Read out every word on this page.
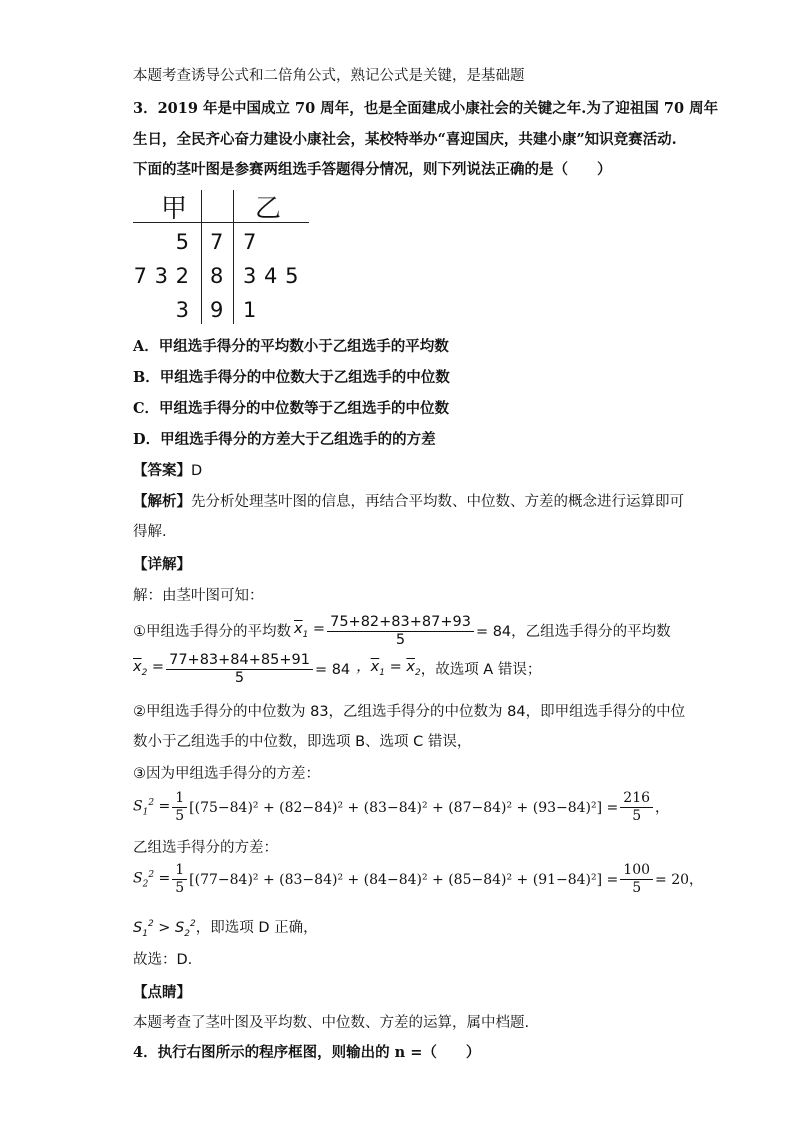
本题考查诱导公式和二倍角公式，熟记公式是关键，是基础题
3．2019 年是中国成立 70 周年，也是全面建成小康社会的关键之年.为了迎祖国 70 周年
生日，全民齐心奋力建设小康社会，某校特举办“喜迎国庆，共建小康”知识竞赛活动.
下面的茎叶图是参赛两组选手答题得分情况，则下列说法正确的是（　　）
甲	乙
5 7 7
7 3 2 8 3 4 5
3 9 1
A．甲组选手得分的平均数小于乙组选手的平均数
B．甲组选手得分的中位数大于乙组选手的中位数
C．甲组选手得分的中位数等于乙组选手的中位数
D．甲组选手得分的方差大于乙组选手的的方差
【答案】D
【解析】先分析处理茎叶图的信息，再结合平均数、中位数、方差的概念进行运算即可
得解.
【详解】
解：由茎叶图可知：
①甲组选手得分的平均数 $\overline{x}_1 = \frac{75+82+83+87+93}{5} = 84$ ，乙组选手得分的平均数
$\overline{x}_2 = \frac{77+83+84+85+91}{5} = 84$ ，$\overline{x}_1 = \overline{x}_2$ ，故选项 A 错误；
②甲组选手得分的中位数为 83，乙组选手得分的中位数为 84，即甲组选手得分的中位
数小于乙组选手的中位数，即选项 B、选项 C 错误，
③因为甲组选手得分的方差：
$S_1^2 = \frac{1}{5} [(75-84)^2 + (82-84)^2 + (83-84)^2 + (87-84)^2 + (93-84)^2] = \frac{216}{5}$ ，
乙组选手得分的方差：
$S_2^2 = \frac{1}{5} [(77-84)^2 + (83-84)^2 + (84-84)^2 + (85-84)^2 + (91-84)^2] = \frac{100}{5} = 20$，
$S_1^2 > S_2^2$，即选项 D 正确，
故选：D.
【点睛】
本题考查了茎叶图及平均数、中位数、方差的运算，属中档题.
4．执行右图所示的程序框图，则输出的 n =（　　）
